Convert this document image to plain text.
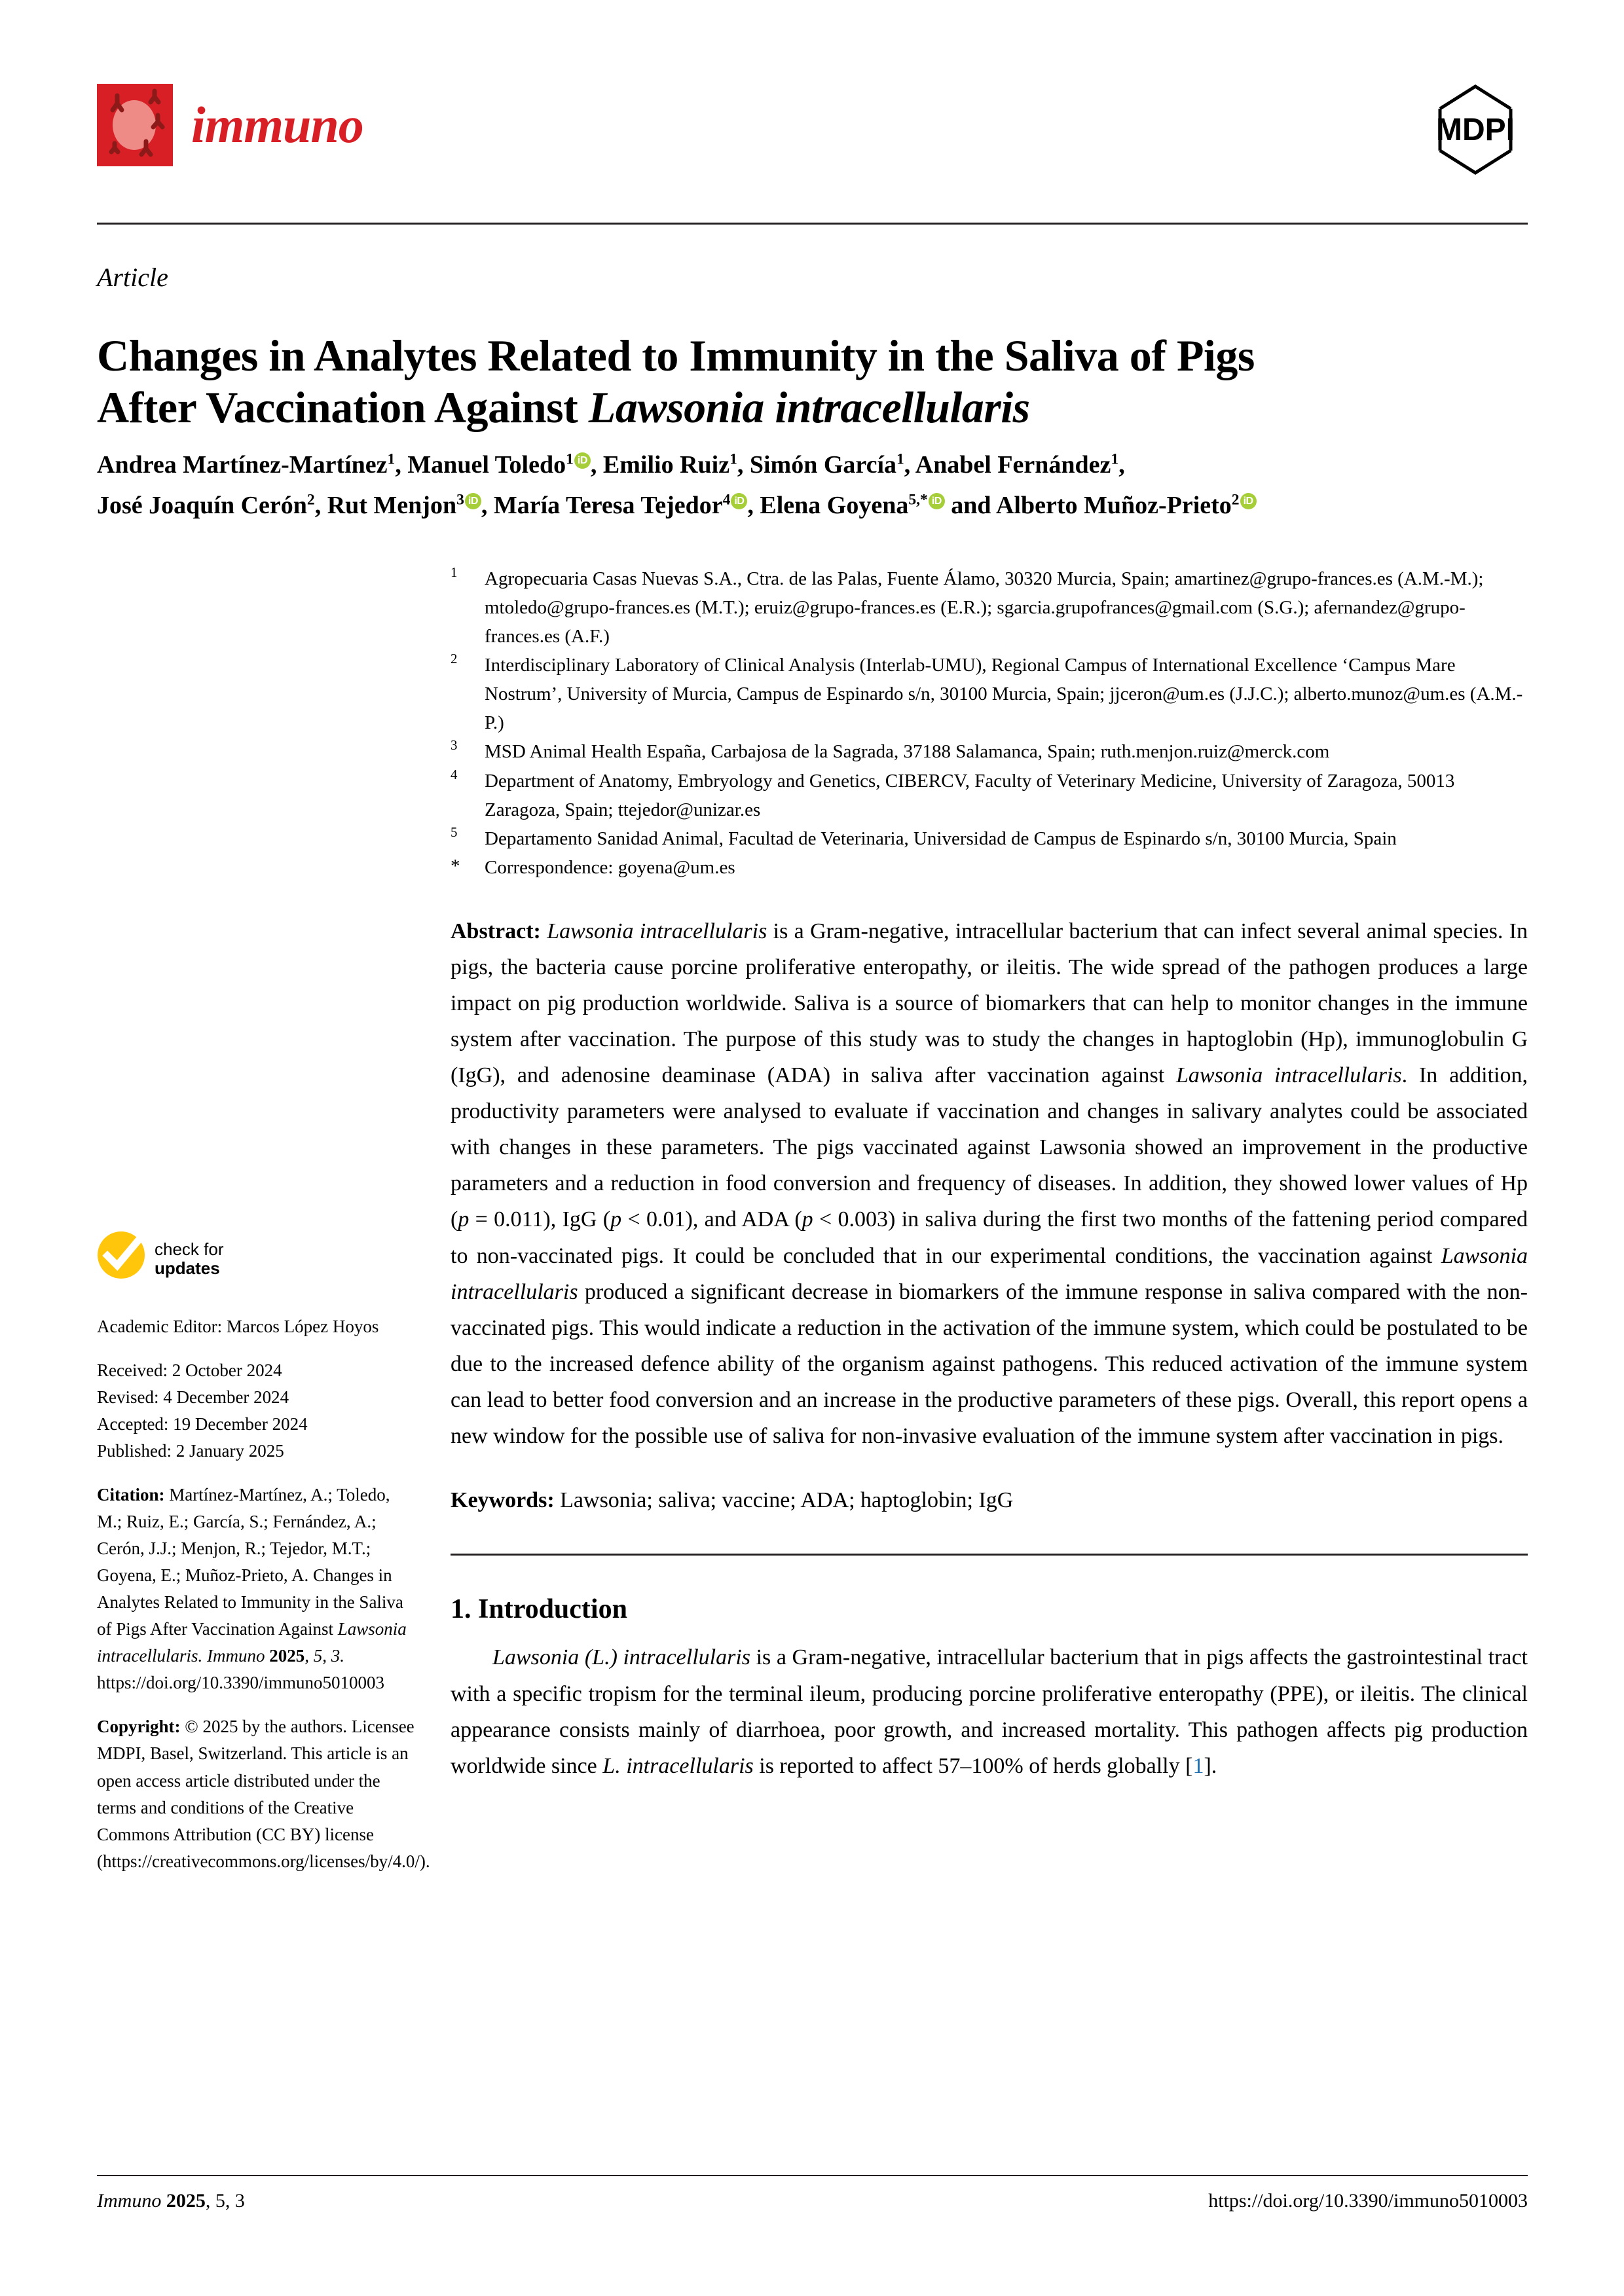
immuno	MDPI
Article
Changes in Analytes Related to Immunity in the Saliva of Pigs
After Vaccination Against Lawsonia intracellularis
Andrea Martínez-Martínez$^1$, Manuel Toledo$^1$ iD , Emilio Ruiz$^1$, Simón García$^1$, Anabel Fernández$^1$,
José Joaquín Cerón$^2$, Rut Menjon$^3$ iD , María Teresa Tejedor$^4$ iD , Elena Goyena$^{5,*}$ iD and Alberto Muñoz-Prieto$^2$ iD
check for
updates

Academic Editor: Marcos López Hoyos

Received: 2 October 2024

Revised: 4 December 2024

Accepted: 19 December 2024

Published: 2 January 2025

Citation: Martínez-Martínez, A.; Toledo, M.; Ruiz, E.; García, S.; Fernández, A.; Cerón, J.J.; Menjon, R.; Tejedor, M.T.; Goyena, E.; Muñoz-Prieto, A. Changes in Analytes Related to Immunity in the Saliva of Pigs After Vaccination Against Lawsonia intracellularis. Immuno 2025, 5, 3. https://doi.org/10.3390/immuno5010003

Copyright: © 2025 by the authors. Licensee MDPI, Basel, Switzerland. This article is an open access article distributed under the terms and conditions of the Creative Commons Attribution (CC BY) license (https://creativecommons.org/licenses/by/4.0/).

1	Agropecuaria Casas Nuevas S.A., Ctra. de las Palas, Fuente Álamo, 30320 Murcia, Spain; amartinez@grupo-frances.es (A.M.-M.); mtoledo@grupo-frances.es (M.T.); eruiz@grupo-frances.es (E.R.); sgarcia.grupofrances@gmail.com (S.G.); afernandez@grupo-frances.es (A.F.)
2	Interdisciplinary Laboratory of Clinical Analysis (Interlab-UMU), Regional Campus of International Excellence ‘Campus Mare Nostrum’, University of Murcia, Campus de Espinardo s/n, 30100 Murcia, Spain; jjceron@um.es (J.J.C.); alberto.munoz@um.es (A.M.-P.)
3	MSD Animal Health España, Carbajosa de la Sagrada, 37188 Salamanca, Spain; ruth.menjon.ruiz@merck.com
4	Department of Anatomy, Embryology and Genetics, CIBERCV, Faculty of Veterinary Medicine, University of Zaragoza, 50013 Zaragoza, Spain; ttejedor@unizar.es
5	Departamento Sanidad Animal, Facultad de Veterinaria, Universidad de Campus de Espinardo s/n, 30100 Murcia, Spain
*	Correspondence: goyena@um.es
Abstract: Lawsonia intracellularis is a Gram-negative, intracellular bacterium that can infect several animal species. In pigs, the bacteria cause porcine proliferative enteropathy, or ileitis. The wide spread of the pathogen produces a large impact on pig production worldwide. Saliva is a source of biomarkers that can help to monitor changes in the immune system after vaccination. The purpose of this study was to study the changes in haptoglobin (Hp), immunoglobulin G (IgG), and adenosine deaminase (ADA) in saliva after vaccination against Lawsonia intracellularis. In addition, productivity parameters were analysed to evaluate if vaccination and changes in salivary analytes could be associated with changes in these parameters. The pigs vaccinated against Lawsonia showed an improvement in the productive parameters and a reduction in food conversion and frequency of diseases. In addition, they showed lower values of Hp (p = 0.011), IgG (p < 0.01), and ADA (p < 0.003) in saliva during the first two months of the fattening period compared to non-vaccinated pigs. It could be concluded that in our experimental conditions, the vaccination against Lawsonia intracellularis produced a significant decrease in biomarkers of the immune response in saliva compared with the non-vaccinated pigs. This would indicate a reduction in the activation of the immune system, which could be postulated to be due to the increased defence ability of the organism against pathogens. This reduced activation of the immune system can lead to better food conversion and an increase in the productive parameters of these pigs. Overall, this report opens a new window for the possible use of saliva for non-invasive evaluation of the immune system after vaccination in pigs.
Keywords: Lawsonia; saliva; vaccine; ADA; haptoglobin; IgG
1. Introduction
Lawsonia (L.) intracellularis is a Gram-negative, intracellular bacterium that in pigs affects the gastrointestinal tract with a specific tropism for the terminal ileum, producing porcine proliferative enteropathy (PPE), or ileitis. The clinical appearance consists mainly of diarrhoea, poor growth, and increased mortality. This pathogen affects pig production worldwide since L. intracellularis is reported to affect 57–100% of herds globally [1].
Immuno 2025, 5, 3	https://doi.org/10.3390/immuno5010003
